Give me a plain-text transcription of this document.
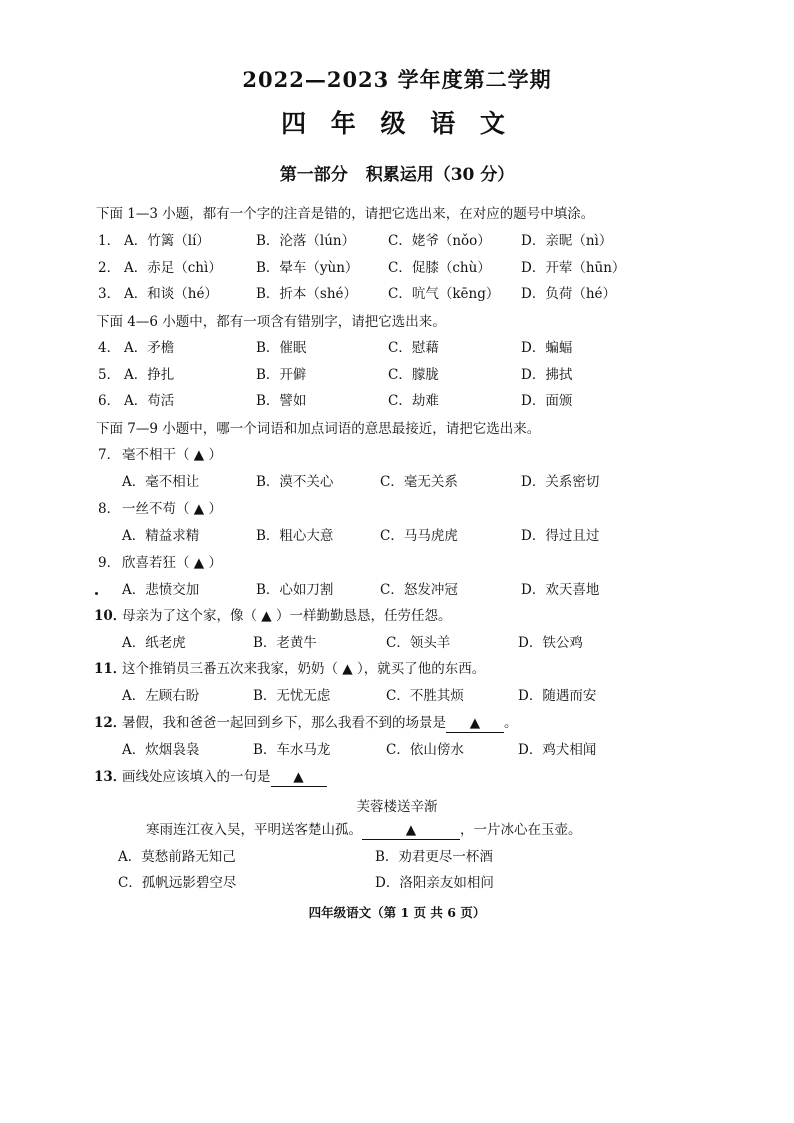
2022—2023 学年度第二学期
四 年 级 语 文
第一部分 积累运用（30 分）
下面 1—3 小题，都有一个字的注音是错的，请把它选出来，在对应的题号中填涂。
1． A．竹篱（lí）	B．沦落（lún） C．姥爷（nǒo） D．亲昵（nì）
2． A．赤足（chì）	B．晕车（yùn） C．促膝（chù） D．开荤（hūn）
3． A．和谈（hé）	B．折本（shé） C．吭气（kēng） D．负荷（hé）
下面 4—6 小题中，都有一项含有错别字，请把它选出来。
4． A．矛檐	B．催眠	C．慰藉	D．蝙蝠
5． A．挣扎	B．开僻	C．朦胧	D．拂拭
6． A．苟活	B．譬如	C．劫难	D．面颁
下面 7—9 小题中，哪一个词语和加点词语的意思最接近，请把它选出来。
7． 毫不相干（ ▲ ）
A．毫不相让	B．漠不关心	C．毫无关系	D．关系密切
8． 一丝不苟（ ▲ ）
A．精益求精	B．粗心大意	C．马马虎虎	D．得过且过
9． 欣喜若狂（ ▲ ）
A．悲愤交加	B．心如刀割	C．怒发冲冠	D．欢天喜地
10．
母亲为了这个家，像（ ▲ ）一样勤勤恳恳，任劳任怨。
A．纸老虎	B．老黄牛	C．领头羊	D．铁公鸡
11．
这个推销员三番五次来我家，奶奶（ ▲ ），就买了他的东西。
A．左顾右盼	B．无忧无虑	C．不胜其烦	D．随遇而安
12．
暑假，我和爸爸一起回到乡下，那么我看不到的场景是 ▲ 。
A．炊烟袅袅	B．车水马龙	C．依山傍水	D．鸡犬相闻
13．
画线处应该填入的一句是 ▲
芙蓉楼送辛渐
寒雨连江夜入吴，平明送客楚山孤。	▲	，一片冰心在玉壶。
A．莫愁前路无知己	B．劝君更尽一杯酒
C．孤帆远影碧空尽	D．洛阳亲友如相问
四年级语文（第 1 页 共 6 页）
